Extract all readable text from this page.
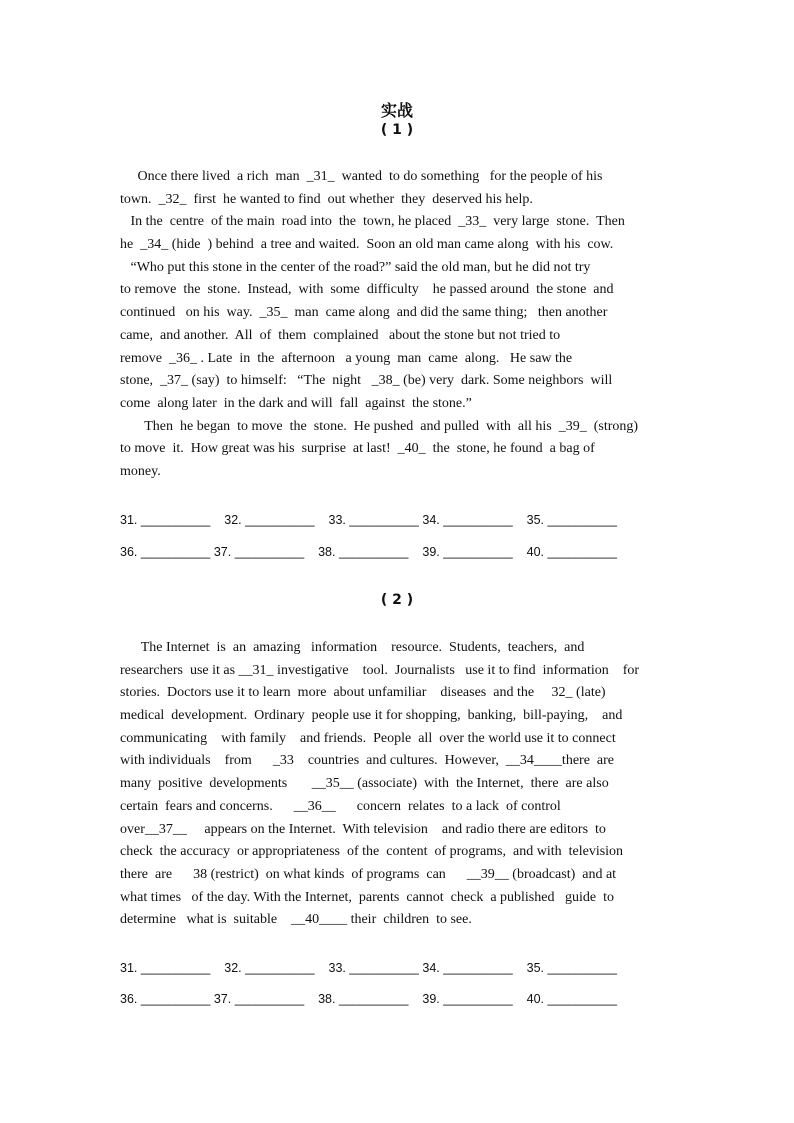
实战
( 1 )
Once there lived  a rich  man  _31_  wanted  to do something   for the people of his
town.  _32_  first  he wanted to find  out whether  they  deserved his help.
In the  centre  of the main  road into  the  town, he placed  _33_  very large  stone.  Then
he  _34_ (hide  ) behind  a tree and waited.  Soon an old man came along  with his  cow.
“Who put this stone in the center of the road?” said the old man, but he did not try
to remove  the  stone.  Instead,  with  some  difficulty    he passed around  the stone  and
continued   on his  way.  _35_  man  came along  and did the same thing;   then another
came,  and another.  All  of  them  complained   about the stone but not tried to
remove  _36_ . Late  in  the  afternoon   a young  man  came  along.   He saw the
stone,  _37_ (say)  to himself:   “The  night   _38_ (be) very  dark. Some neighbors  will
come  along later  in the dark and will  fall  against  the stone.”
Then  he began  to move  the  stone.  He pushed  and pulled  with  all his  _39_  (strong)
to move  it.  How great was his  surprise  at last!  _40_  the  stone, he found  a bag of
money.
31. __________    32. __________    33. __________ 34. __________    35. __________
36. __________ 37. __________    38. __________    39. __________    40. __________
( 2 )
The Internet  is  an  amazing   information    resource.  Students,  teachers,  and
researchers  use it as __31_ investigative    tool.  Journalists   use it to find  information    for
stories.  Doctors use it to learn  more  about unfamiliar    diseases  and the     32_ (late)
medical  development.  Ordinary  people use it for shopping,  banking,  bill-paying,    and
communicating    with family    and friends.  People  all  over the world use it to connect
with individuals    from      _33    countries  and cultures.  However,  __34____there  are
many  positive  developments       __35__ (associate)  with  the Internet,  there  are also
certain  fears and concerns.      __36__      concern  relates  to a lack  of control
over__37__     appears on the Internet.  With television    and radio there are editors  to
check  the accuracy  or appropriateness  of the  content  of programs,  and with  television
there  are      38 (restrict)  on what kinds  of programs  can      __39__ (broadcast)  and at
what times   of the day. With the Internet,  parents  cannot  check  a published   guide  to
determine   what is  suitable    __40____ their  children  to see.
31. __________    32. __________    33. __________ 34. __________    35. __________
36. __________ 37. __________    38. __________    39. __________    40. __________
